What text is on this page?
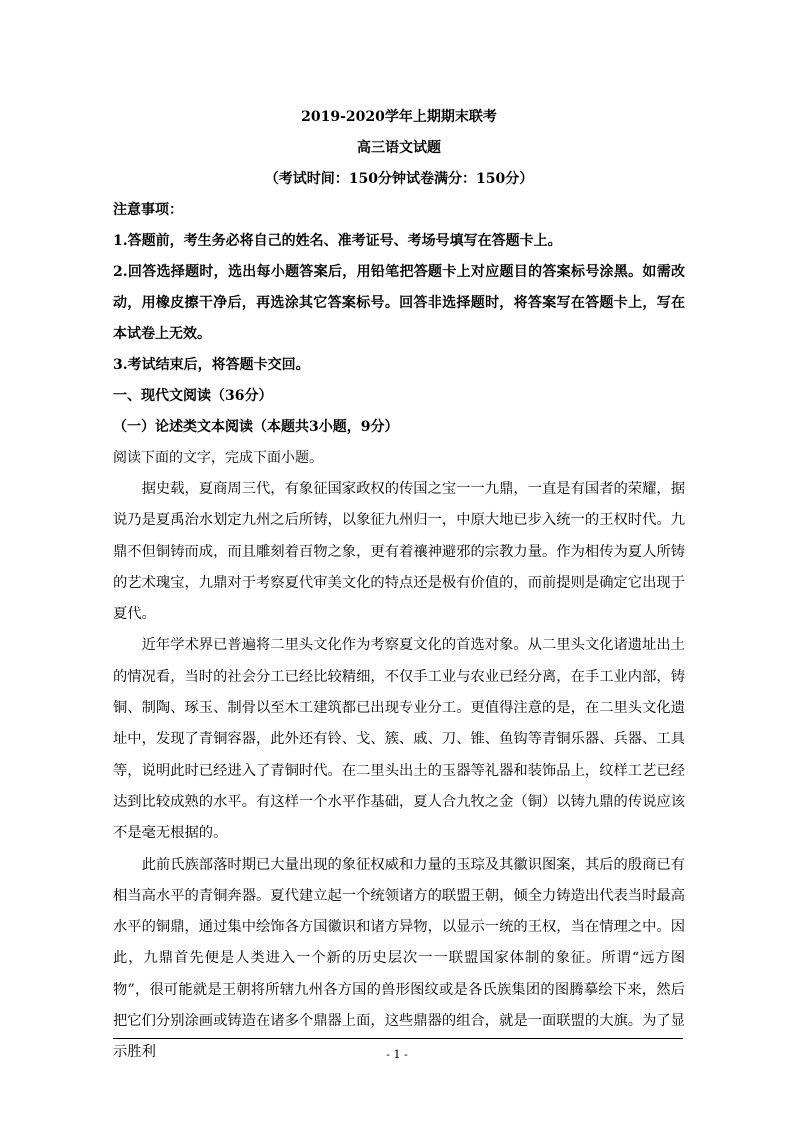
2019-2020学年上期期末联考
高三语文试题
（考试时间：150分钟试卷满分：150分）
注意事项：

1.答题前，考生务必将自己的姓名、准考证号、考场号填写在答题卡上。

2.回答选择题时，选出每小题答案后，用铅笔把答题卡上对应题目的答案标号涂黑。如需改动，用橡皮擦干净后，再选涂其它答案标号。回答非选择题时，将答案写在答题卡上，写在本试卷上无效。

3.考试结束后，将答题卡交回。

一、现代文阅读（36分）
（一）论述类文本阅读（本题共3小题，9分）
阅读下面的文字，完成下面小题。

据史载，夏商周三代，有象征国家政权的传国之宝一一九鼎，一直是有国者的荣耀，据说乃是夏禹治水划定九州之后所铸，以象征九州归一，中原大地已步入统一的王权时代。九鼎不但铜铸而成，而且雕刻着百物之象，更有着禳神避邪的宗教力量。作为相传为夏人所铸的艺术瑰宝，九鼎对于考察夏代审美文化的特点还是极有价值的，而前提则是确定它出现于夏代。

近年学术界已普遍将二里头文化作为考察夏文化的首选对象。从二里头文化诸遗址出土的情况看，当时的社会分工已经比较精细，不仅手工业与农业已经分离，在手工业内部，铸铜、制陶、琢玉、制骨以至木工建筑都已出现专业分工。更值得注意的是，在二里头文化遗址中，发现了青铜容器，此外还有铃、戈、簇、戚、刀、锥、鱼钩等青铜乐器、兵器、工具等，说明此时已经进入了青铜时代。在二里头出土的玉器等礼器和装饰品上，纹样工艺已经达到比较成熟的水平。有这样一个水平作基础，夏人合九牧之金（铜）以铸九鼎的传说应该不是毫无根据的。

此前氏族部落时期已大量出现的象征权威和力量的玉琮及其徽识图案，其后的殷商已有相当高水平的青铜奔器。夏代建立起一个统领诸方的联盟王朝，倾全力铸造出代表当时最高水平的铜鼎，通过集中绘饰各方国徽识和诸方异物，以显示一统的王权，当在情理之中。因此，九鼎首先便是人类进入一个新的历史层次一一联盟国家体制的象征。所谓“远方图物”，很可能就是王朝将所辖九州各方国的兽形图纹或是各氏族集团的图腾摹绘下来，然后把它们分别涂画或铸造在诸多个鼎器上面，这些鼎器的组合，就是一面联盟的大旗。为了显示胜利	- 1 -
